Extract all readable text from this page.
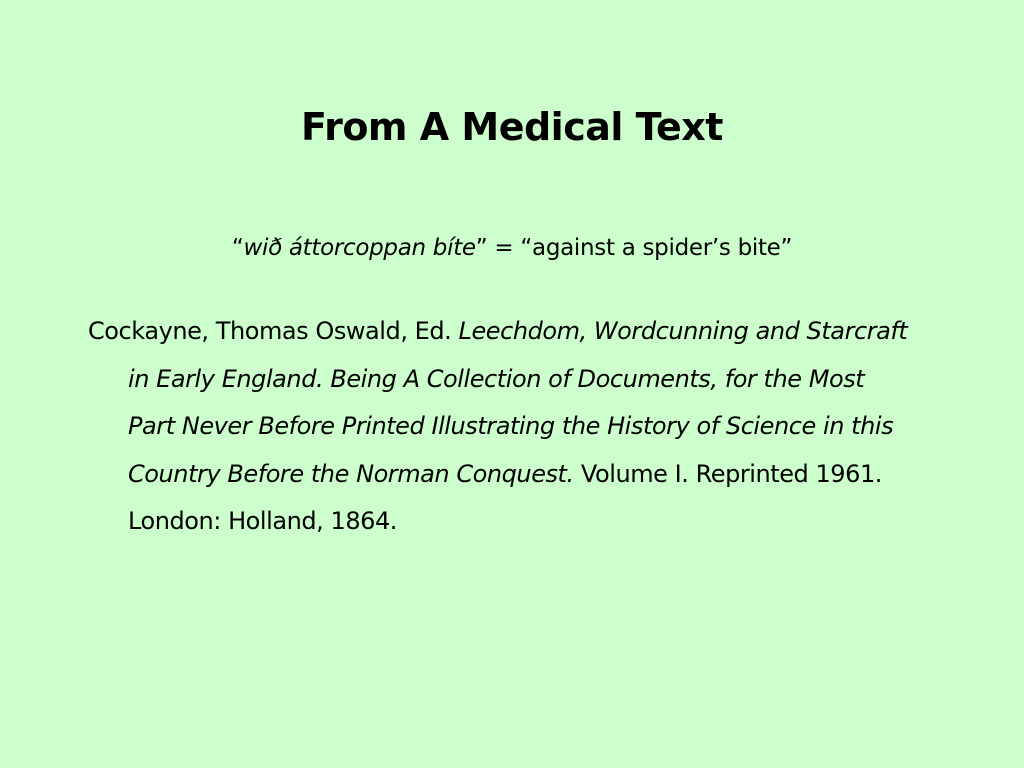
From A Medical Text
“wið áttorcoppan bíte” = “against a spider’s bite”
Cockayne, Thomas Oswald, Ed. Leechdom, Wordcunning and Starcraft in Early England. Being A Collection of Documents, for the Most Part Never Before Printed Illustrating the History of Science in this Country Before the Norman Conquest. Volume I. Reprinted 1961. London: Holland, 1864.
